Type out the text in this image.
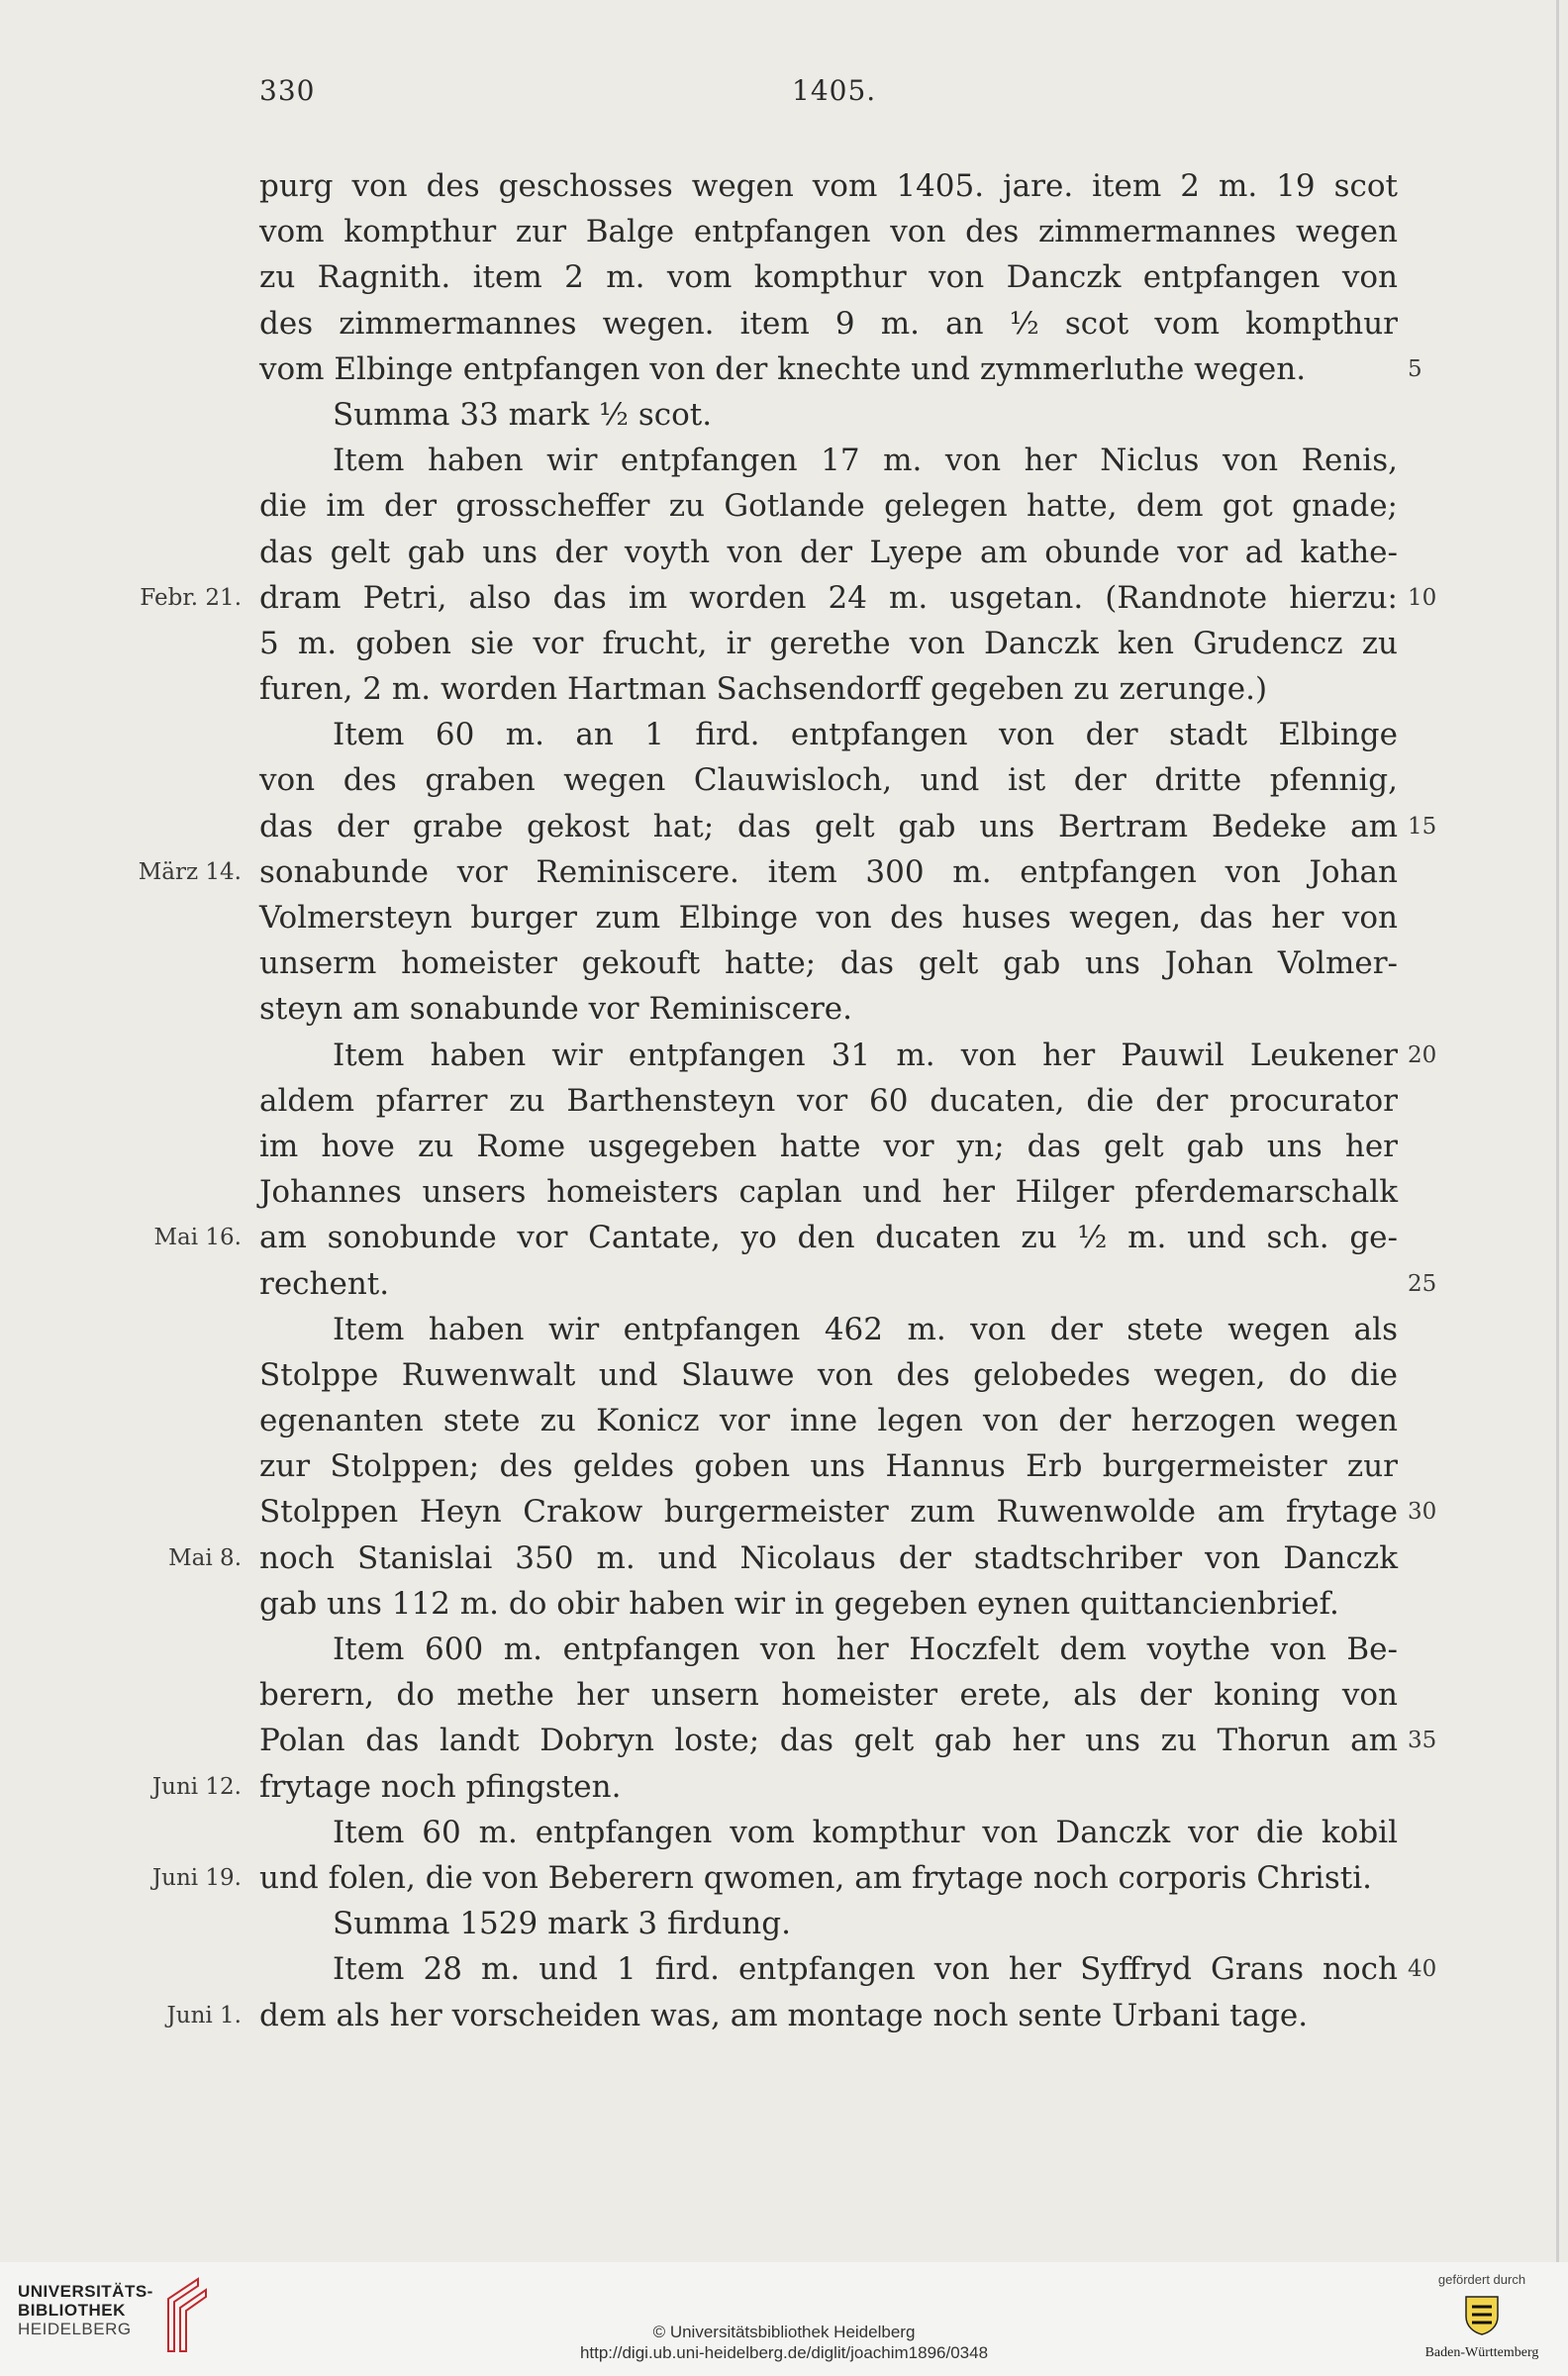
330	1405.
purg von des geschosses wegen vom 1405. jare. item 2 m. 19 scot
vom kompthur zur Balge entpfangen von des zimmermannes wegen
zu Ragnith. item 2 m. vom kompthur von Danczk entpfangen von
des zimmermannes wegen. item 9 m. an ½ scot vom kompthur
vom Elbinge entpfangen von der knechte und zymmerluthe wegen.	5
Summa 33 mark ½ scot.
Item haben wir entpfangen 17 m. von her Niclus von Renis,
die im der grosscheffer zu Gotlande gelegen hatte, dem got gnade;
das gelt gab uns der voyth von der Lyepe am obunde vor ad kathe-
dram Petri, also das im worden 24 m. usgetan. (Randnote hierzu:
Febr. 21.	10
5 m. goben sie vor frucht, ir gerethe von Danczk ken Grudencz zu
furen, 2 m. worden Hartman Sachsendorff gegeben zu zerunge.)
Item 60 m. an 1 ﬁrd. entpfangen von der stadt Elbinge
von des graben wegen Clauwisloch, und ist der dritte pfennig,
das der grabe gekost hat; das gelt gab uns Bertram Bedeke am 15
sonabunde vor Reminiscere. item 300 m. entpfangen von Johan
März 14.
Volmersteyn burger zum Elbinge von des huses wegen, das her von
unserm homeister gekouft hatte; das gelt gab uns Johan Volmer-
steyn am sonabunde vor Reminiscere.
Item haben wir entpfangen 31 m. von her Pauwil Leukener 20
aldem pfarrer zu Barthensteyn vor 60 ducaten, die der procurator
im hove zu Rome usgegeben hatte vor yn; das gelt gab uns her
Johannes unsers homeisters caplan und her Hilger pferdemarschalk
am sonobunde vor Cantate, yo den ducaten zu ½ m. und sch. ge-
Mai 16.
rechent.	25
Item haben wir entpfangen 462 m. von der stete wegen als
Stolppe Ruwenwalt und Slauwe von des gelobedes wegen, do die
egenanten stete zu Konicz vor inne legen von der herzogen wegen
zur Stolppen; des geldes goben uns Hannus Erb burgermeister zur
Stolppen Heyn Crakow burgermeister zum Ruwenwolde am frytage 30
noch Stanislai 350 m. und Nicolaus der stadtschriber von Danczk
Mai 8.
gab uns 112 m. do obir haben wir in gegeben eynen quittancienbrief.
Item 600 m. entpfangen von her Hoczfelt dem voythe von Be-
berern, do methe her unsern homeister erete, als der koning von
Polan das landt Dobryn loste; das gelt gab her uns zu Thorun am 35
frytage noch pfingsten.
Juni 12.
Item 60 m. entpfangen vom kompthur von Danczk vor die kobil
und folen, die von Beberern qwomen, am frytage noch corporis Christi.
Juni 19.
Summa 1529 mark 3 firdung.
Item 28 m. und 1 ﬁrd. entpfangen von her Syffryd Grans noch 40
dem als her vorscheiden was, am montage noch sente Urbani tage.
Juni 1.
UNIVERSITÄTS-
BIBLIOTHEK
HEIDELBERG	© Universitätsbibliothek Heidelberg
http://digi.ub.uni-heidelberg.de/diglit/joachim1896/0348
gefördert durch
Baden-Württemberg
